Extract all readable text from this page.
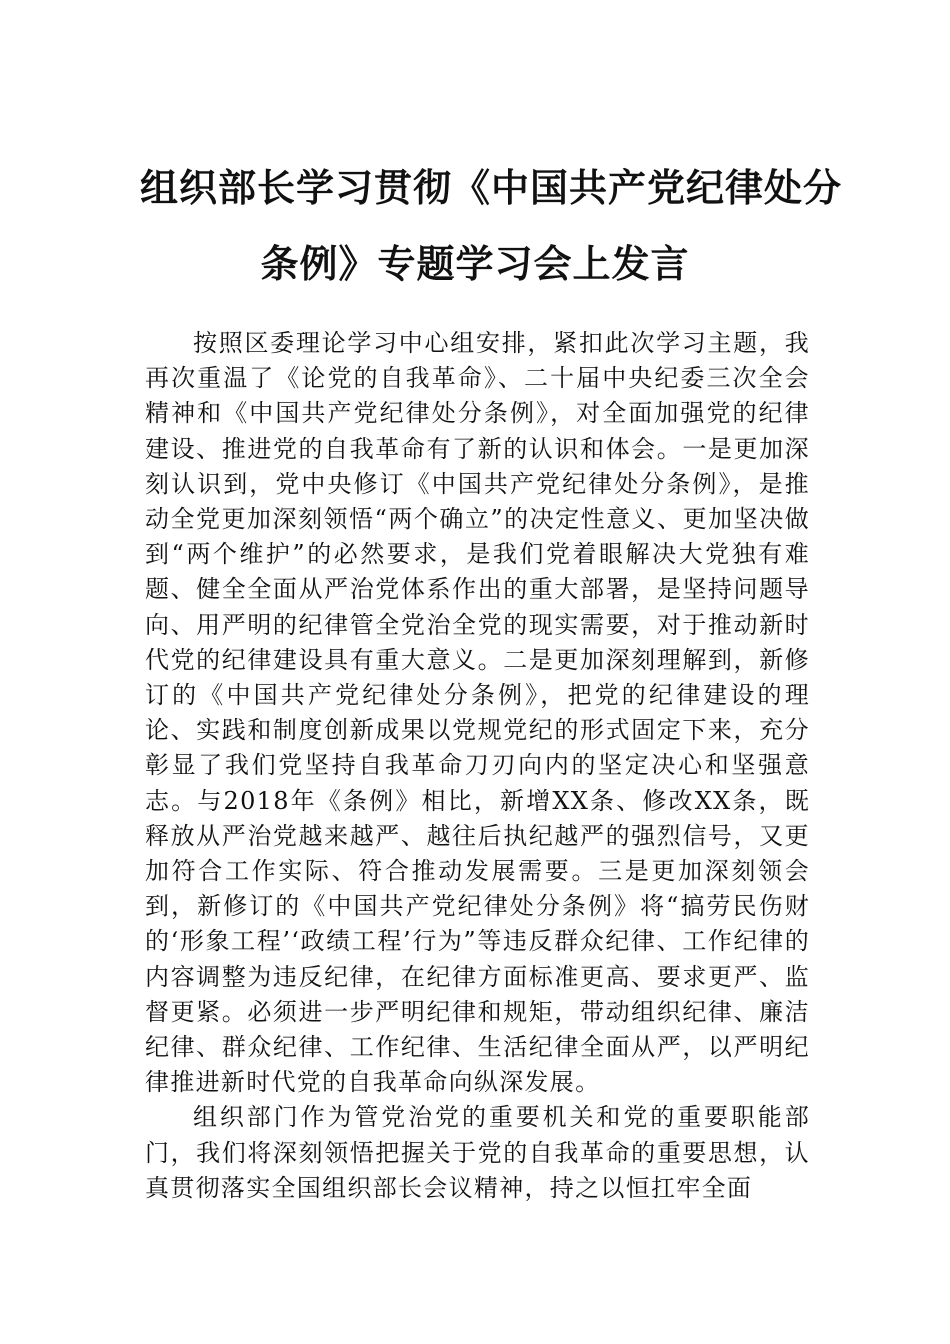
组织部长学习贯彻《中国共产党纪律处分
条例》专题学习会上发言

按照区委理论学习中心组安排，紧扣此次学习主题，我再次重温了《论党的自我革命》、二十届中央纪委三次全会精神和《中国共产党纪律处分条例》，对全面加强党的纪律建设、推进党的自我革命有了新的认识和体会。一是更加深刻认识到，党中央修订《中国共产党纪律处分条例》，是推动全党更加深刻领悟“两个确立”的决定性意义、更加坚决做到“两个维护”的必然要求，是我们党着眼解决大党独有难题、健全全面从严治党体系作出的重大部署，是坚持问题导向、用严明的纪律管全党治全党的现实需要，对于推动新时代党的纪律建设具有重大意义。二是更加深刻理解到，新修订的《中国共产党纪律处分条例》，把党的纪律建设的理论、实践和制度创新成果以党规党纪的形式固定下来，充分彰显了我们党坚持自我革命刀刃向内的坚定决心和坚强意志。与2018年《条例》相比，新增XX条、修改XX条，既释放从严治党越来越严、越往后执纪越严的强烈信号，又更加符合工作实际、符合推动发展需要。三是更加深刻领会到，新修订的《中国共产党纪律处分条例》将“搞劳民伤财的‘形象工程’‘政绩工程’行为”等违反群众纪律、工作纪律的内容调整为违反纪律，在纪律方面标准更高、要求更严、监督更紧。必须进一步严明纪律和规矩，带动组织纪律、廉洁纪律、群众纪律、工作纪律、生活纪律全面从严，以严明纪律推进新时代党的自我革命向纵深发展。

组织部门作为管党治党的重要机关和党的重要职能部门，我们将深刻领悟把握关于党的自我革命的重要思想，认真贯彻落实全国组织部长会议精神，持之以恒扛牢全面
